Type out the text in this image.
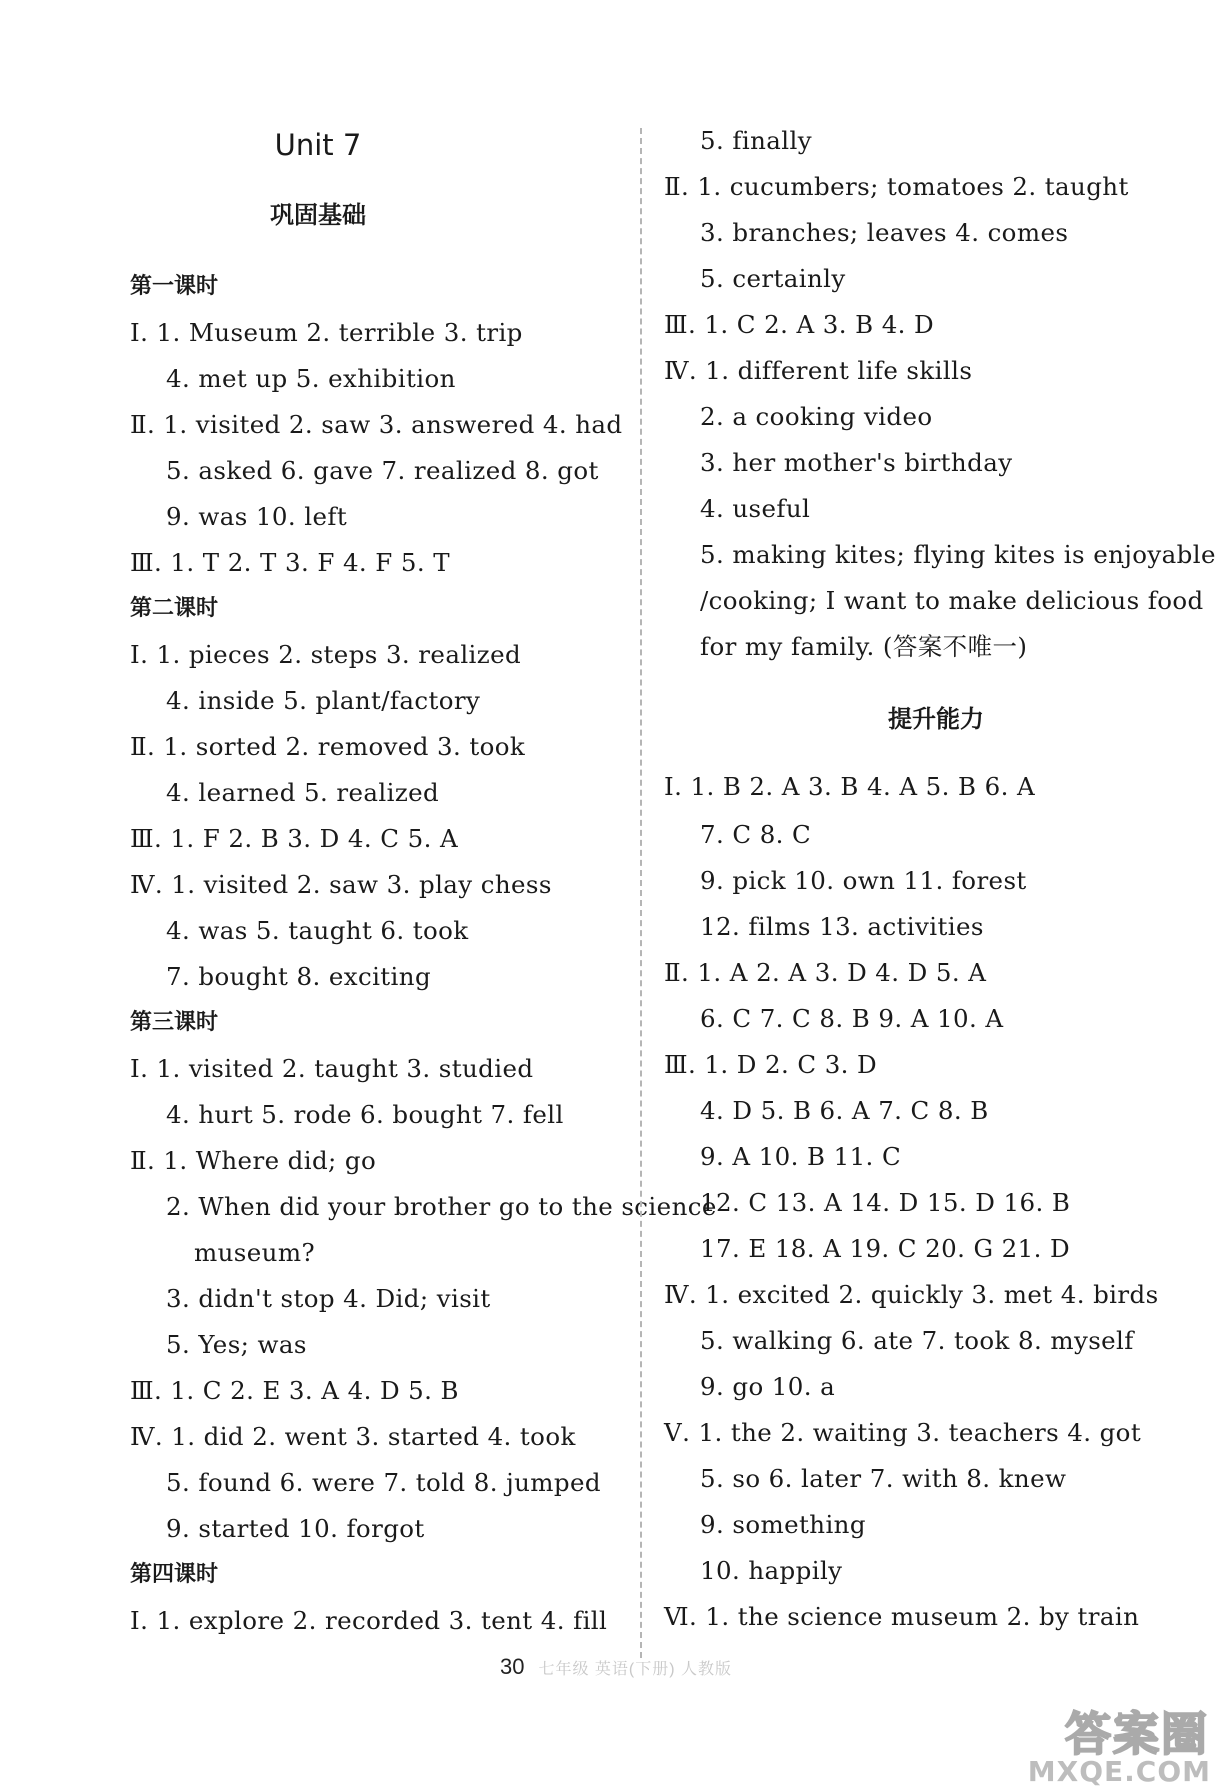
Unit 7
巩固基础
第一课时
Ⅰ. 1. Museum 2. terrible 3. trip
4. met up 5. exhibition
Ⅱ. 1. visited 2. saw 3. answered 4. had
5. asked 6. gave 7. realized 8. got
9. was 10. left
Ⅲ. 1. T 2. T 3. F 4. F 5. T
第二课时
Ⅰ. 1. pieces 2. steps 3. realized
4. inside 5. plant/factory
Ⅱ. 1. sorted 2. removed 3. took
4. learned 5. realized
Ⅲ. 1. F 2. B 3. D 4. C 5. A
Ⅳ. 1. visited 2. saw 3. play chess
4. was 5. taught 6. took
7. bought 8. exciting
第三课时
Ⅰ. 1. visited 2. taught 3. studied
4. hurt 5. rode 6. bought 7. fell
Ⅱ. 1. Where did; go
2. When did your brother go to the science
museum?
3. didn't stop 4. Did; visit
5. Yes; was
Ⅲ. 1. C 2. E 3. A 4. D 5. B
Ⅳ. 1. did 2. went 3. started 4. took
5. found 6. were 7. told 8. jumped
9. started 10. forgot
第四课时
Ⅰ. 1. explore 2. recorded 3. tent 4. fill
5. finally
Ⅱ. 1. cucumbers; tomatoes 2. taught
3. branches; leaves 4. comes
5. certainly
Ⅲ. 1. C 2. A 3. B 4. D
Ⅳ. 1. different life skills
2. a cooking video
3. her mother's birthday
4. useful
5. making kites; flying kites is enjoyable
/cooking; I want to make delicious food
for my family. (答案不唯一)
提升能力
Ⅰ. 1. B 2. A 3. B 4. A 5. B 6. A
7. C 8. C
9. pick 10. own 11. forest
12. films 13. activities
Ⅱ. 1. A 2. A 3. D 4. D 5. A
6. C 7. C 8. B 9. A 10. A
Ⅲ. 1. D 2. C 3. D
4. D 5. B 6. A 7. C 8. B
9. A 10. B 11. C
12. C 13. A 14. D 15. D 16. B
17. E 18. A 19. C 20. G 21. D
Ⅳ. 1. excited 2. quickly 3. met 4. birds
5. walking 6. ate 7. took 8. myself
9. go 10. a
Ⅴ. 1. the 2. waiting 3. teachers 4. got
5. so 6. later 7. with 8. knew
9. something
10. happily
Ⅵ. 1. the science museum 2. by train
30 七年级 英语(下册) 人教版
答案圈
MXQE.COM
